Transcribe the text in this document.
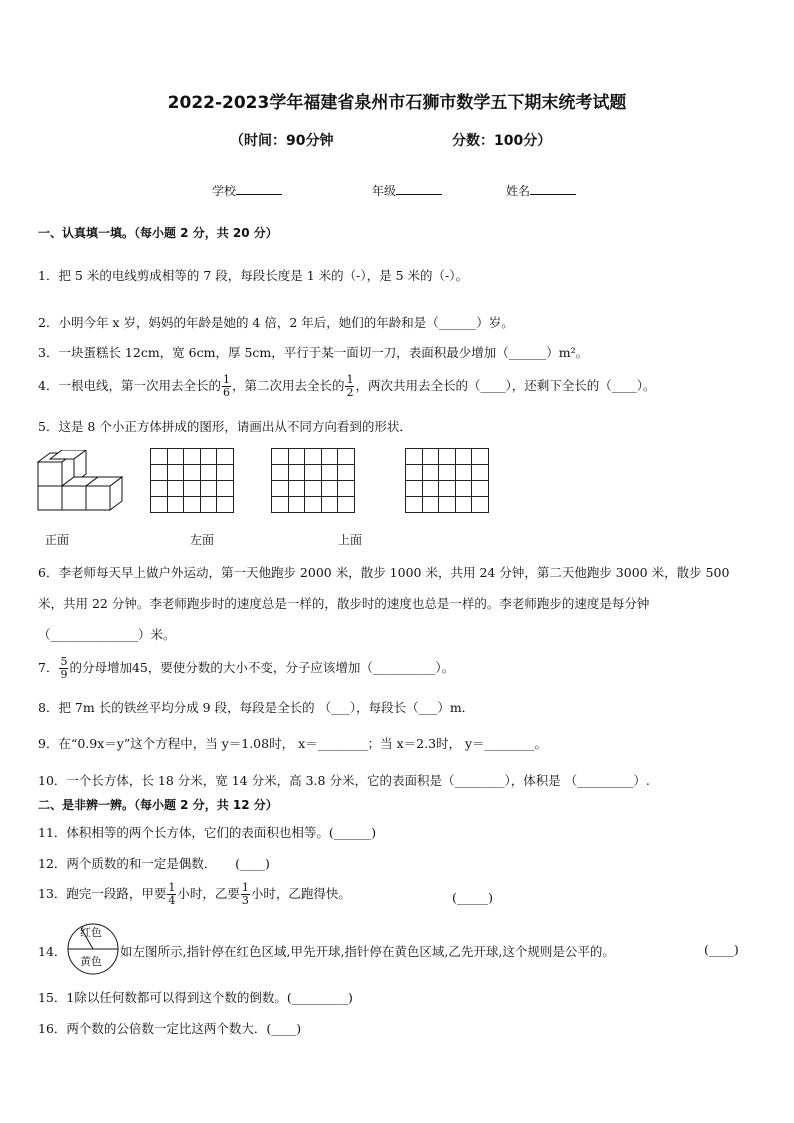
2022-2023学年福建省泉州市石狮市数学五下期末统考试题
（时间：90分钟	分数：100分）
学校	年级	姓名
一、认真填一填。（每小题 2 分，共 20 分）
1．把 5 米的电线剪成相等的 7 段，每段长度是 1 米的（-），是 5 米的（-）。
2．小明今年 x 岁，妈妈的年龄是她的 4 倍，2 年后，她们的年龄和是（______）岁。
3．一块蛋糕长 12cm，宽 6cm，厚 5cm，平行于某一面切一刀，表面积最少增加（______）m²。
4．一根电线，第一次用去全长的 $\frac{1}{6}$ ，第二次用去全长的 $\frac{1}{2}$ ，两次共用去全长的（____），还剩下全长的（____）。
5．这是 8 个小正方体拼成的图形，请画出从不同方向看到的形状．

正面	左面	上面
6．李老师每天早上做户外运动，第一天他跑步 2000 米，散步 1000 米，共用 24 分钟，第二天他跑步 3000 米，散步 500
米，共用 22 分钟。李老师跑步时的速度总是一样的，散步时的速度也总是一样的。李老师跑步的速度是每分钟
（______________）米。
7． $\frac{5}{9}$ 的分母增加45，要使分数的大小不变，分子应该增加（__________）。
8．把 7m 长的铁丝平均分成 9 段，每段是全长的 （___），每段长（___）m．
9．在“0.9x＝y”这个方程中，当 y＝1.08时， x＝________；当 x＝2.3时， y＝________。
10．一个长方体，长 18 分米，宽 14 分米，高 3.8 分米，它的表面积是（________），体积是 （_________）.
二、是非辨一辨。（每小题 2 分，共 12 分）
11．体积相等的两个长方体，它们的表面积也相等。(______)
12．两个质数的和一定是偶数．　　(____)
13．跑完一段路，甲要 $\frac{1}{4}$ 小时，乙要 $\frac{1}{3}$ 小时，乙跑得快。	(_____)
14．
红色
黄色
如左图所示,指针停在红色区域,甲先开球,指针停在黄色区域,乙先开球,这个规则是公平的。	(____)
15．1除以任何数都可以得到这个数的倒数。(_________)
16．两个数的公倍数一定比这两个数大．(____)
